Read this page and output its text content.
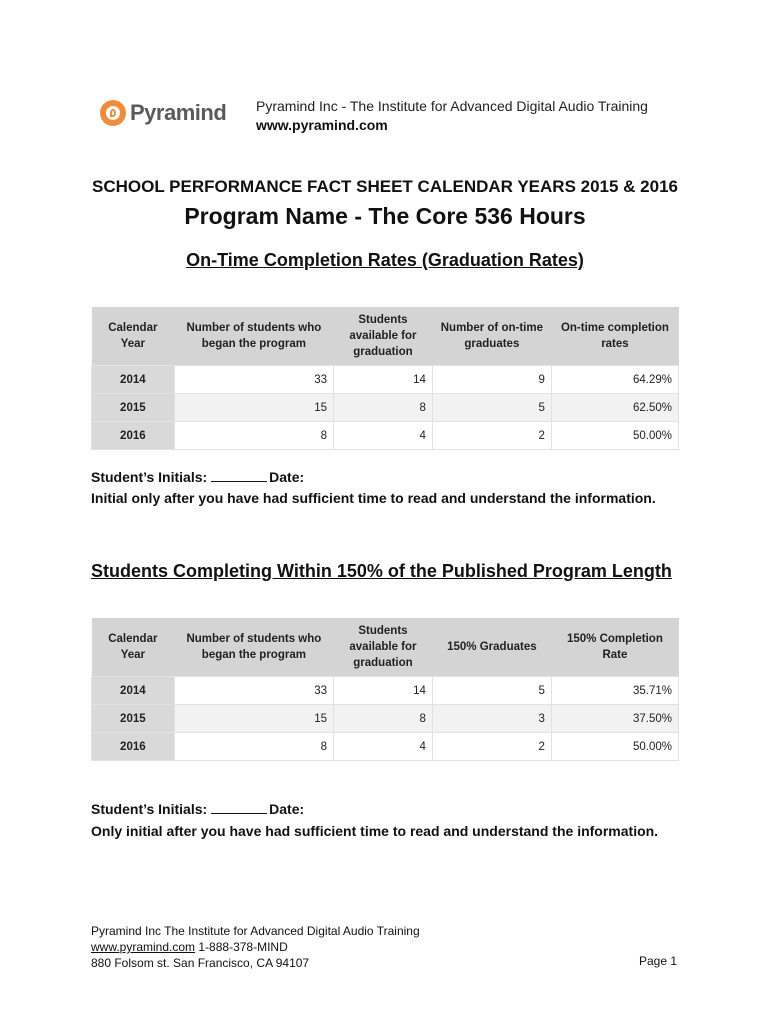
Pyramind Pyramind Inc - The Institute for Advanced Digital Audio Training
www.pyramind.com
SCHOOL PERFORMANCE FACT SHEET CALENDAR YEARS 2015 & 2016
Program Name - The Core 536 Hours
On-Time Completion Rates (Graduation Rates)
Calendar Year	Number of students who began the program	Students available for graduation	Number of on-time graduates	On-time completion rates
2014	33	14	9	64.29%
2015	15	8	5	62.50%
2016	8	4	2	50.00%
Student’s Initials:	Date:
Initial only after you have had sufficient time to read and understand the information.
Students Completing Within 150% of the Published Program Length
Calendar Year	Number of students who began the program	Students available for graduation	150% Graduates	150% Completion Rate
2014	33	14	5	35.71%
2015	15	8	3	37.50%
2016	8	4	2	50.00%
Student’s Initials:	Date:
Only initial after you have had sufficient time to read and understand the information.
Pyramind Inc The Institute for Advanced Digital Audio Training
www.pyramind.com 1-888-378-MIND
880 Folsom st. San Francisco, CA 94107	Page 1
